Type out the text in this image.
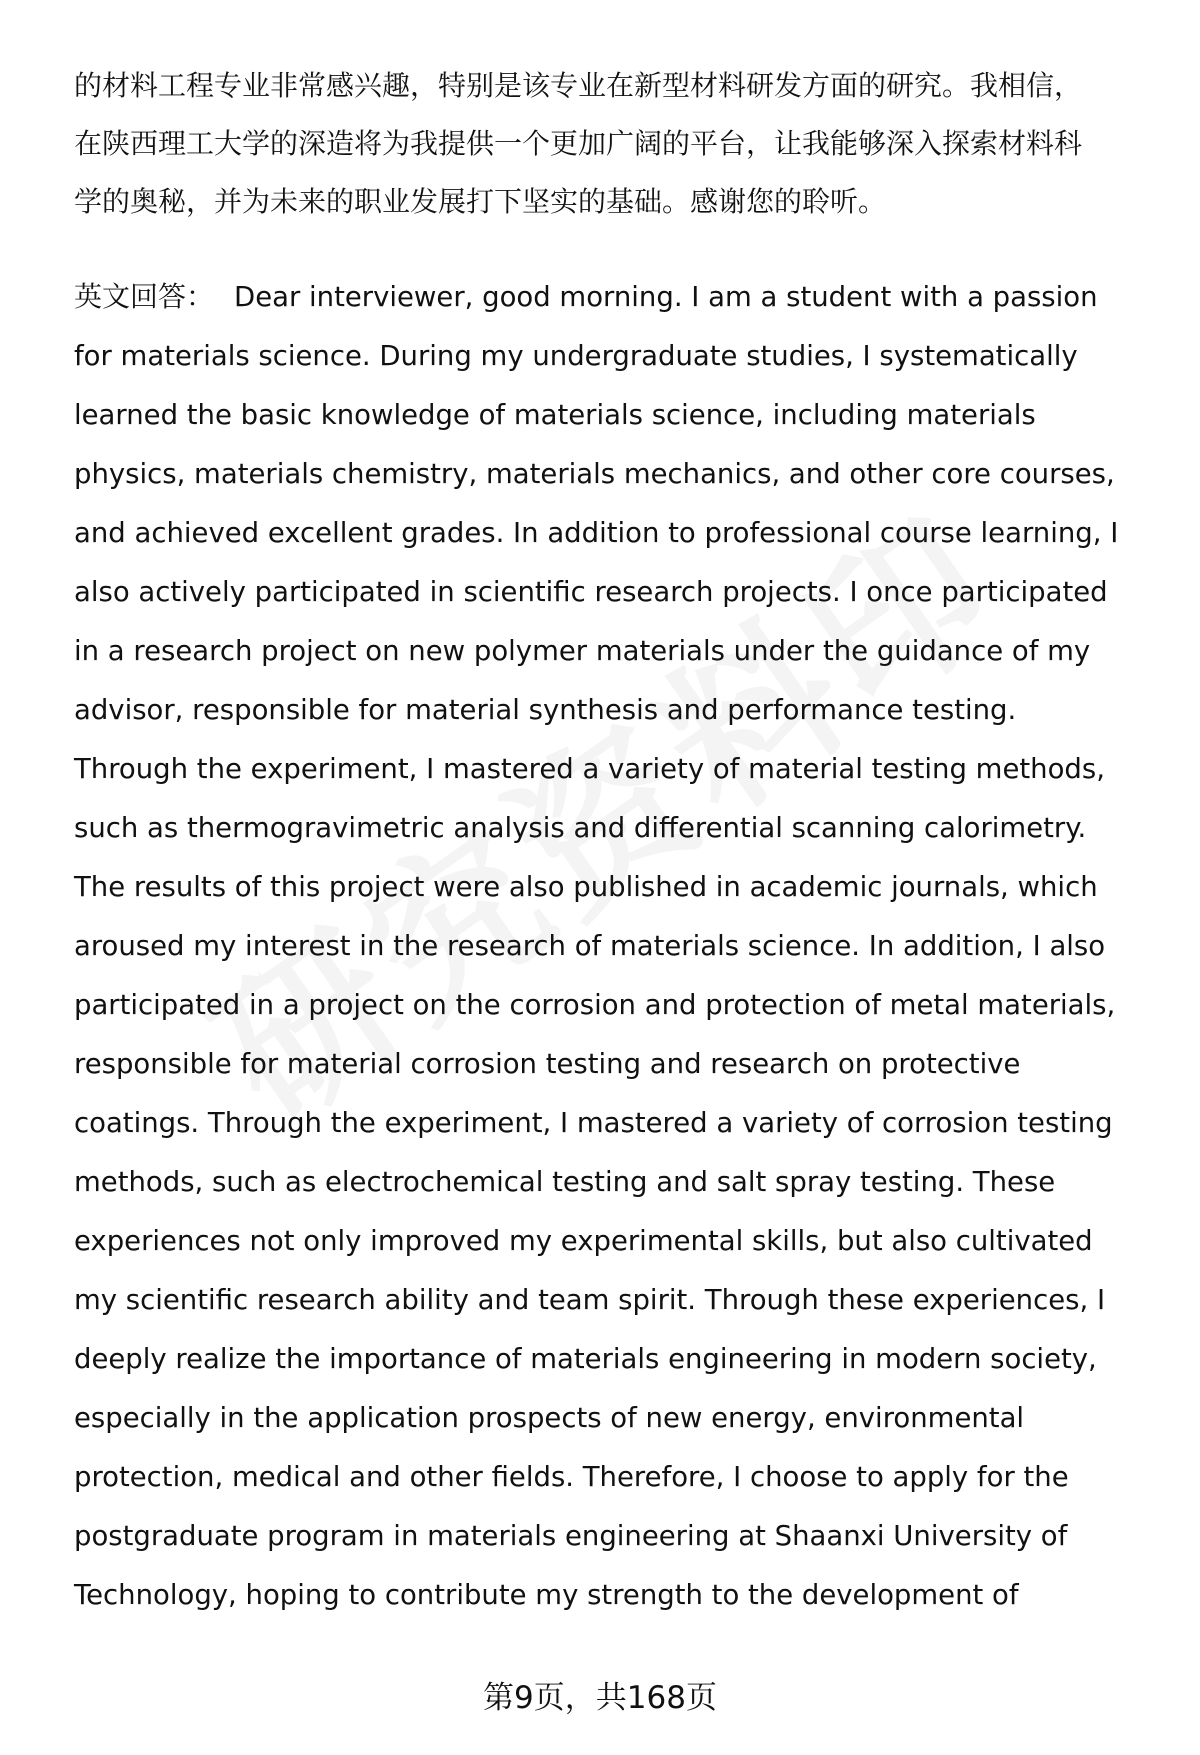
的材料工程专业非常感兴趣，特别是该专业在新型材料研发方面的研究。我相信，
在陕西理工大学的深造将为我提供一个更加广阔的平台，让我能够深入探索材料科
学的奥秘，并为未来的职业发展打下坚实的基础。感谢您的聆听。
英文回答： Dear interviewer, good morning. I am a student with a passion
for materials science. During my undergraduate studies, I systematically
learned the basic knowledge of materials science, including materials
physics, materials chemistry, materials mechanics, and other core courses,
and achieved excellent grades. In addition to professional course learning, I
also actively participated in scientific research projects. I once participated
in a research project on new polymer materials under the guidance of my
advisor, responsible for material synthesis and performance testing.
Through the experiment, I mastered a variety of material testing methods,
such as thermogravimetric analysis and differential scanning calorimetry.
The results of this project were also published in academic journals, which
aroused my interest in the research of materials science. In addition, I also
participated in a project on the corrosion and protection of metal materials,
responsible for material corrosion testing and research on protective
coatings. Through the experiment, I mastered a variety of corrosion testing
methods, such as electrochemical testing and salt spray testing. These
experiences not only improved my experimental skills, but also cultivated
my scientific research ability and team spirit. Through these experiences, I
deeply realize the importance of materials engineering in modern society,
especially in the application prospects of new energy, environmental
protection, medical and other fields. Therefore, I choose to apply for the
postgraduate program in materials engineering at Shaanxi University of
Technology, hoping to contribute my strength to the development of
第9页，共168页
